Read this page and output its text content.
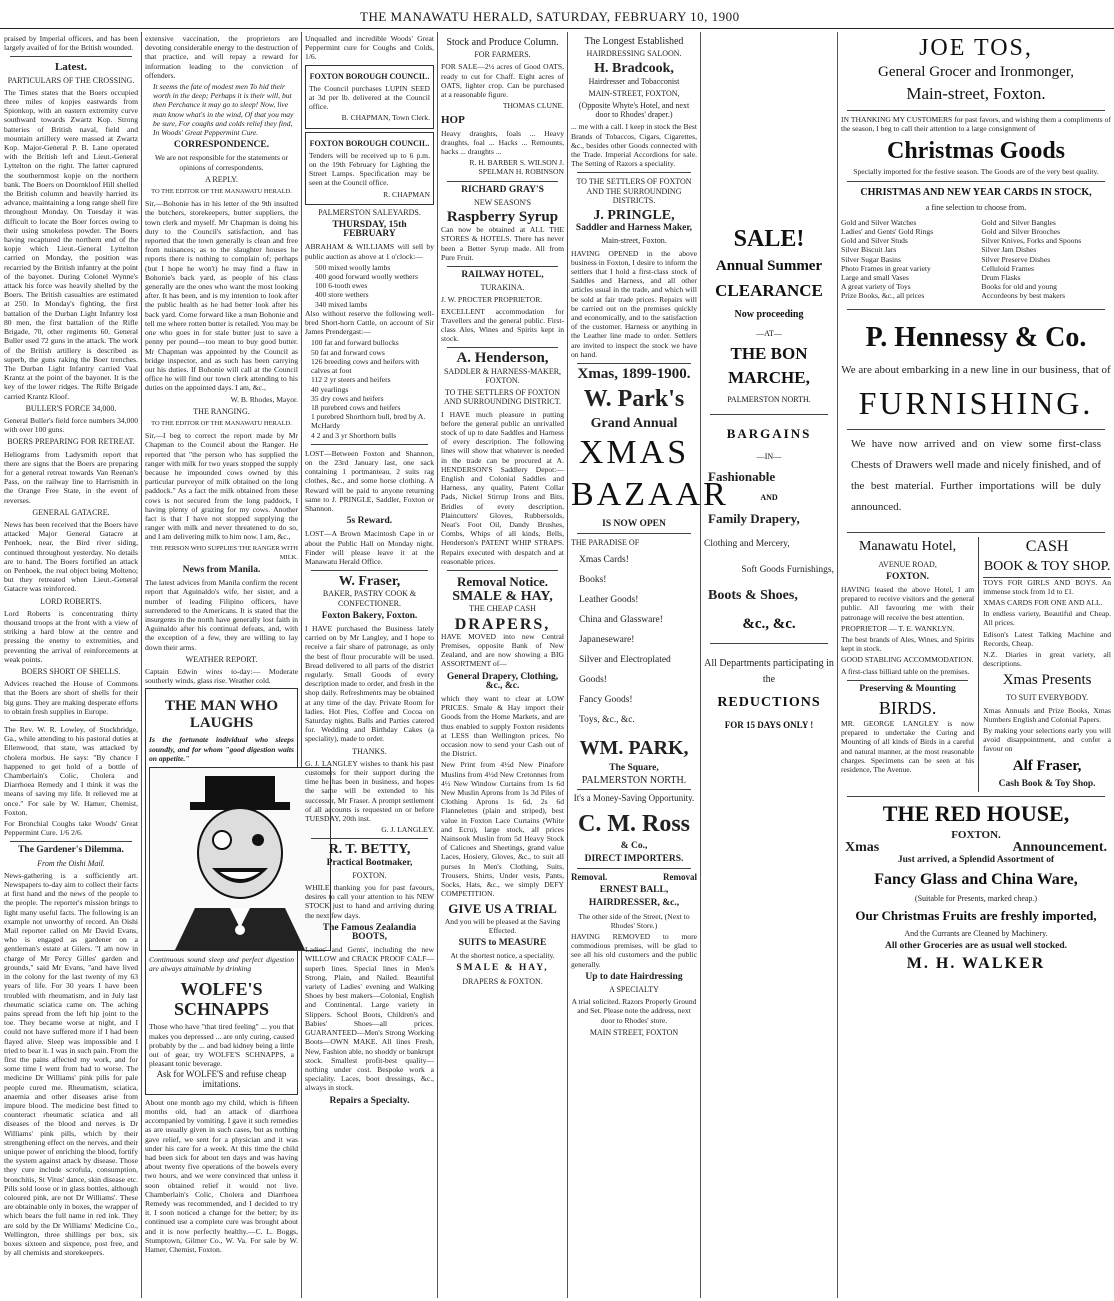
THE MANAWATU HERALD, SATURDAY, FEBRUARY 10, 1900

praised by Imperial officers, and has been largely availed of for the British wounded.

Latest.
PARTICULARS OF THE CROSSING.

The Times states that the Boers occupied three miles of kopjes eastwards from Spionkop, with an eastern extremity curve southward towards Zwartz Kop. Strong batteries of British naval, field and mountain artillery were massed at Zwartz Kop. Major-General P. B. Lane operated with the British left and Lieut.-General Lyttelton on the right. The latter captured the southernmost kopje on the northern bank. The Boers on Doornkloof Hill shelled the British column and heavily harried its advance, maintaining a long range shell fire throughout Monday. On Tuesday it was difficult to locate the Boer forces owing to their using smokeless powder. The Boers having recaptured the northern end of the kopje which Lieut.-General Lyttelton carried on Monday, the position was recarried by the British infantry at the point of the bayonet. During Colonel Wynne's attack his force was heavily shelled by the Boers. The British casualties are estimated at 250. In Monday's fighting, the first battalion of the Durban Light Infantry lost 80 men, the first battalion of the Rifle Brigade, 70, other regiments 60. General Buller used 72 guns in the attack. The work of the British artillery is described as superb, the guns raking the Boer trenches. The Durban Light Infantry carried Vaal Krantz at the point of the bayonet. It is the key of the lower ridges. The Rifle Brigade carried Krantz Kloof.

BULLER'S FORCE 34,000.

General Buller's field force numbers 34,000 with over 100 guns.

BOERS PREPARING FOR RETREAT.

Heliograms from Ladysmith report that there are signs that the Boers are preparing for a general retreat towards Van Reenan's Pass, on the railway line to Harrismith in the Orange Free State, in the event of reverses.

GENERAL GATACRE.

News has been received that the Boers have attacked Major General Gatacre at Penhoek, near, the Bird river siding, continued throughout yesterday. No details are to hand. The Boers fortified an attack on Penhoek, the real object being Molteno; but they retreated when Lieut.-General Gatacre was reinforced.

LORD ROBERTS.

Lord Roberts is concentrating thirty thousand troops at the front with a view of striking a hard blow at the centre and pressing the enemy to extremities, and preventing the arrival of reinforcements at weak points.

BOERS SHORT OF SHELLS.

Advices reached the House of Commons that the Boers are short of shells for their big guns. They are making desperate efforts to obtain fresh supplies in Europe.

The Rev. W. R. Lowley, of Stockbridge, Ga., while attending to his pastoral duties at Ellenwood, that state, was attacked by cholera morbus. He says: "By chance I happened to get hold of a bottle of Chamberlain's Colic, Cholera and Diarrhoea Remedy and I think it was the means of saving my life. It relieved me at once." For sale by W. Hamer, Chemist, Foxton.

For Bronchial Coughs take Woods' Great Peppermint Cure. 1/6 2/6.

The Gardener's Dilemma.
From the Oishi Mail.

News-gathering is a sufficiently art. Newspapers to-day aim to collect their facts at first hand and the news of the people to the people. The reporter's mission brings to light many useful facts. The following is an example not unworthy of record. An Oishi Mail reporter called on Mr David Evans, who is engaged as gardener on a gentleman's estate at Gilers. "I am now in charge of Mr Percy Gilles' garden and grounds," said Mr Evans, "and have lived in the colony for the last twenty of my 63 years of life. For 30 years I have been troubled with rheumatism, and in July last rheumatic sciatica came on. The aching pains spread from the left hip joint to the toe. They became worse at night, and I could not have suffered more if I had been flayed alive. Sleep was impossible and I tried to bear it. I was in such pain. From the first the pains affected my work, and for some time I went from bad to worse. The medicine Dr Williams' pink pills for pale people cured me. Rheumatism, sciatica, anaemia and other diseases arise from impure blood. The medicine best fitted to counteract rheumatic sciatica and all diseases of the blood and nerves is Dr Williams' pink pills, which by their strengthening effect on the nerves, and their unique power of enriching the blood, fortify the system against attack by disease. Those they cure include scrofula, consumption, bronchitis, St Vitus' dance, skin disease etc. Pills sold loose or in glass bottles, although coloured pink, are not Dr Williams'. These are obtainable only in boxes, the wrapper of which bears the full name in red ink. They are sold by the Dr Williams' Medicine Co., Wellington, three shillings per box, six boxes sixteen and sixpence, post free, and by all chemists and storekeepers.

extensive vaccination, the proprietors are devoting considerable energy to the destruction of that practice, and will repay a reward for information leading to the conviction of offenders.

It seems the fate of modest men To hid their worth in the deep; Perhaps it is their will, but then Perchance it may go to sleep! Now, live man know what's in the wind, Of that you may be sure, For coughs and colds relief they find, In Woods' Great Peppermint Cure.

CORRESPONDENCE.

We are not responsible for the statements or opinions of correspondents.

A REPLY.
TO THE EDITOR OF THE MANAWATU HERALD.

Sir,—Bohonie has in his letter of the 9th insulted the butchers, storekeepers, butter suppliers, the town clerk and myself. Mr Chapman is doing his duty to the Council's satisfaction, and has reported that the town generally is clean and free from nuisances; as to the slaughter houses he reports there is nothing to complain of; perhaps (but I hope he won't) he may find a flaw in Bohonie's back yard, as people of his class generally are the ones who want the most looking after. It has been, and is my intention to look after the public health as he had better look after his back yard. Come forward like a man Bohonie and tell me where rotten butter is retailed. You may be one who goes in for stale butter just to save a penny per pound—too mean to buy good butter. Mr Chapman was appointed by the Council as bridge inspector, and as such has been carrying out his duties. If Bohonie will call at the Council office he will find our town clerk attending to his duties on the appointed days. I am, &c.,

W. B. Rhodes, Mayor.

THE RANGING.
TO THE EDITOR OF THE MANAWATU HERALD.

Sir,—I beg to correct the report made by Mr Chapman to the Council about the Ranger. He reported that "the person who has supplied the ranger with milk for two years stopped the supply because he impounded cows owned by this particular purveyor of milk obtained on the long paddock." As a fact the milk obtained from these cows is not secured from the long paddock, I having plenty of grazing for my cows. Another fact is that I have not stopped supplying the ranger with milk and never threatened to do so, and I am delivering milk to him now. I am, &c.,

THE PERSON WHO SUPPLIES THE RANGER WITH MILK.

News from Manila.

The latest advices from Manila confirm the recent report that Aguinaldo's wife, her sister, and a number of leading Filipino officers, have surrendered to the Americans. It is stated that the insurgents in the north have generally lost faith in Aguinaldo after his continual defeats, and, with the exception of a few, they are willing to lay down their arms.

WEATHER REPORT.

Captain Edwin wires to-day:— Moderate southerly winds, glass rise. Weather cold.

THE MAN WHO LAUGHS

Is the fortunate individual who sleeps soundly, and for whom "good digestion waits on appetite."

Continuous sound sleep and perfect digestion are always attainable by drinking

WOLFE'S SCHNAPPS

Those who have "that tired feeling" ... you that makes you depressed ... are only curing, caused probably by the ... and bad kidney being a little out of gear, try WOLFE'S SCHNAPPS, a pleasant tonic beverage.

Ask for WOLFE'S and refuse cheap imitations.

About one month ago my child, which is fifteen months old, had an attack of diarrhoea accompanied by vomiting. I gave it such remedies as are usually given in such cases, but as nothing gave relief, we sent for a physician and it was under his care for a week. At this time the child had been sick for about ten days and was having about twenty five operations of the bowels every two hours, and we were convinced that unless it soon obtained relief it would not live. Chamberlain's Colic, Cholera and Diarrhoea Remedy was recommended, and I decided to try it. I soon noticed a change for the better; by its continued use a complete cure was brought about and it is now perfectly healthy.—C. L. Boggs, Stumptown, Gilmer Co., W. Va. For sale by W. Hamer, Chemist, Foxton.

Unqualled and incredible Woods' Great Peppermint cure for Coughs and Colds, 1/6.

FOXTON BOROUGH COUNCIL.

The Council purchases LUPIN SEED at 3d per lb. delivered at the Council office.

B. CHAPMAN, Town Clerk.

FOXTON BOROUGH COUNCIL.

Tenders will be received up to 6 p.m. on the 19th February for Lighting the Street Lamps. Specification may be seen at the Council office.

R. CHAPMAN

PALMERSTON SALEYARDS.
THURSDAY, 15th FEBRUARY

ABRAHAM & WILLIAMS will sell by public auction as above at 1 o'clock:—

500 mixed woolly lambs
400 good forward woolly wethers
100 6-tooth ewes
400 store wethers
340 mixed lambs

Also without reserve the following well-bred Short-horn Cattle, on account of Sir James Prendergast:—

100 fat and forward bullocks
50 fat and forward cows
126 breeding cows and heifers with calves at foot
112 2 yr steers and heifers
40 yearlings
35 dry cows and heifers
18 purebred cows and heifers
1 purebred Shorthorn bull, bred by A. McHardy
4 2 and 3 yr Shorthorn bulls

LOST—Between Foxton and Shannon, on the 23rd January last, one sack containing 1 portmanteau, 2 suits rag clothes, &c., and some horse clothing. A Reward will be paid to anyone returning same to J. PRINGLE, Saddler, Foxton or Shannon.

5s Reward.

LOST—A Brown Macintosh Cape in or about the Public Hall on Monday night. Finder will please leave it at the Manawatu Herald Office.

W. Fraser,
BAKER, PASTRY COOK & CONFECTIONER.
Foxton Bakery, Foxton.

I HAVE purchased the Business lately carried on by Mr Langley, and I hope to receive a fair share of patronage, as only the best of flour procurable will be used. Bread delivered to all parts of the district regularly. Small Goods of every description made to order, and fresh in the shop daily. Refreshments may be obtained at any time of the day. Private Room for ladies. Hot Pies, Coffee and Cocoa on Saturday nights. Balls and Parties catered for. Wedding and Birthday Cakes (a speciality), made to order.

THANKS.

G. J. LANGLEY wishes to thank his past customers for their support during the time he has been in business, and hopes the same will be extended to his successor, Mr Fraser. A prompt settlement of all accounts is requested on or before TUESDAY, 20th inst.

G. J. LANGLEY.

R. T. BETTY,
Practical Bootmaker,
FOXTON.

WHILE thanking you for past favours, desires to call your attention to his NEW STOCK just to hand and arriving during the next few days.

The Famous Zealandia BOOTS,

Ladies' and Gents', including the new WILLOW and CRACK PROOF CALF—superb lines. Special lines in Men's Strong, Plain, and Nailed. Beautiful variety of Ladies' evening and Walking Shoes by best makers—Colonial, English and Continental. Large variety in Slippers. School Boots, Children's and Babies' Shoes—all prices. GUARANTEED—Men's Strong Working Boots—OWN MAKE. All lines Fresh, New, Fashion able, no shoddy or bankrupt stock. Smallest profit-best quality—nothing under cost. Bespoke work a speciality. Laces, boot dressings, &c., always in stock.

Repairs a Specialty.
Stock and Produce Column.
FOR FARMERS.

FOR SALE—2½ acres of Good OATS, ready to cut for Chaff. Eight acres of OATS, lighter crop. Can be purchased at a reasonable figure.

THOMAS CLUNE.

HOP

Heavy draughts, foals ... Heavy draughts, foal ... Hacks ... Remounts, hacks ... draughts ...

R. H. BARBER S. WILSON J. SPELMAN H. ROBINSON

RICHARD GRAY'S
NEW SEASON'S
Raspberry Syrup

Can now be obtained at ALL THE STORES & HOTELS. There has never been a Better Syrup made. All from Pure Fruit.

RAILWAY HOTEL,
TURAKINA.

J. W. PROCTER PROPRIETOR.

EXCELLENT accommodation for Travellers and the general public. First-class Ales, Wines and Spirits kept in stock.

A. Henderson,
SADDLER & HARNESS-MAKER, FOXTON.
TO THE SETTLERS OF FOXTON AND SURROUNDING DISTRICT.

I HAVE much pleasure in putting before the general public an unrivalled stock of up to date Saddles and Harness of every description. The following lines will show that whatever is needed in the trade can be procured at A. HENDERSON'S Saddlery Depot:—English and Colonial Saddles and Harness, any quality, Patent Collar Pads, Nickel Stirrup Irons and Bits, Bridles of every description, Plaincutters' Gloves, Rubbersolds, Neat's Foot Oil, Dandy Brushes, Combs, Whips of all kinds, Bells, Henderson's PATENT WHIP STRAPS. Repairs executed with despatch and at reasonable prices.

Removal Notice.
SMALE & HAY,
THE CHEAP CASH
DRAPERS,

HAVE MOVED into new Central Premises, opposite Bank of New Zealand, and are now showing a BIG ASSORTMENT of—

General Drapery, Clothing, &c., &c.

which they want to clear at LOW PRICES. Smale & Hay import their Goods from the Home Markets, and are thus enabled to supply Foxton residents at LESS than Wellington prices. No occasion now to send your Cash out of the District.

New Print from 4½d New Pinafore Muslins from 4½d New Cretonnes from 4½ New Window Curtains from 1s 6d New Muslin Aprons from 1s 3d Piles of Clothing Aprons 1s 6d, 2s 6d Flannelettes (plain and striped), best value in Foxton Lace Curtains (White and Ecru), large stock, all prices Nainsook Muslin from 5d Heavy Stock of Calicoes and Sheetings, grand value Laces, Hosiery, Gloves, &c., to suit all purses In Men's Clothing, Suits, Trousers, Shirts, Under vests, Pants, Socks, Hats, &c., we simply DEFY COMPETITION.

GIVE US A TRIAL

And you will be pleased at the Saving Effected.

SUITS to MEASURE

At the shortest notice, a speciality.

SMALE & HAY,
DRAPERS & FOXTON.
The Longest Established
HAIRDRESSING SALOON.
H. Bradcook,
Hairdresser and Tobacconist
MAIN-STREET, FOXTON,
(Opposite Whyte's Hotel, and next door to Rhodes' draper.)

... me with a call. I keep in stock the Best Brands of Tobaccos, Cigars, Cigarettes, &c., besides other Goods connected with the Trade. Imperial Accordions for sale. The Setting of Razors a speciality.

TO THE SETTLERS OF FOXTON AND THE SURROUNDING DISTRICTS.
J. PRINGLE,
Saddler and Harness Maker,
Main-street, Foxton.

HAVING OPENED in the above business in Foxton, I desire to inform the settlers that I hold a first-class stock of Saddles and Harness, and all other articles usual in the trade, and which will be sold at fair trade prices. Repairs will be carried out on the premises quickly and economically, and to the satisfaction of the customer. Harness or anything in the Leather line made to order. Settlers are invited to inspect the stock we have on hand.

Xmas, 1899-1900.
W. Park's
Grand Annual
XMAS BAZAAR
IS NOW OPEN
THE PARADISE OF
Xmas Cards!
Books!
Leather Goods!
China and Glassware!
Japaneseware!
Silver and Electroplated Goods!
Fancy Goods!
Toys, &c., &c.
WM. PARK,
The Square,
PALMERSTON NORTH.

It's a Money-Saving Opportunity.

C. M. Ross
& Co.,
DIRECT IMPORTERS.
Removal.	Removal
ERNEST BALL,
HAIRDRESSER, &c.,

The other side of the Street, (Next to Rhodes' Store.)

HAVING REMOVED to more commodious premises, will be glad to see all his old customers and the public generally.

Up to date Hairdressing
A SPECIALTY

A trial solicited. Razors Properly Ground and Set. Please note the address, next door to Rhodes' store.

MAIN STREET, FOXTON
SALE!
Annual Summer
CLEARANCE
Now proceeding
—AT—
THE BON MARCHE,
PALMERSTON NORTH.
BARGAINS
—IN—
Fashionable
AND
Family Drapery,
Clothing and Mercery,
Soft Goods Furnishings,
Boots & Shoes,
&c., &c.

All Departments participating in the

REDUCTIONS
FOR 15 DAYS ONLY !
JOE TOS,
General Grocer and Ironmonger,
Main-street, Foxton.

IN THANKING MY CUSTOMERS for past favors, and wishing them a compliments of the season, I beg to call their attention to a large consignment of

Christmas Goods

Specially imported for the festive season. The Goods are of the very best quality.

CHRISTMAS AND NEW YEAR CARDS IN STOCK,
a fine selection to choose from.
Gold and Silver Watches
Ladies' and Gents' Gold Rings
Gold and Silver Studs
Silver Biscuit Jars
Silver Sugar Basins
Photo Frames in great variety
Large and small Vases
A great variety of Toys
Prize Books, &c., all prices
Gold and Silver Bangles
Gold and Silver Brooches
Silver Knives, Forks and Spoons
Silver Jam Dishes
Silver Preserve Dishes
Celluloid Frames
Drum Flasks
Books for old and young
Accordeons by best makers
P. Hennessy & Co.

We are about embarking in a new line in our business, that of

FURNISHING.

We have now arrived and on view some first-class Chests of Drawers well made and nicely finished, and of the best material. Further importations will be duly announced.

Manawatu Hotel,
AVENUE ROAD,
FOXTON.

HAVING leased the above Hotel, I am prepared to receive visitors and the general public. All favouring me with their patronage will receive the best attention.

PROPRIETOR — T. E. WANKLYN.

The best brands of Ales, Wines, and Spirits kept in stock.

GOOD STABLING ACCOMMODATION.

A first-class billiard table on the premises.

Preserving & Mounting
BIRDS.

MR. GEORGE LANGLEY is now prepared to undertake the Curing and Mounting of all kinds of Birds in a careful and natural manner, at the most reasonable charges. Specimens can be seen at his residence, The Avenue.

CASH
BOOK & TOY SHOP.

TOYS FOR GIRLS AND BOYS. An immense stock from 1d to £1.

XMAS CARDS FOR ONE AND ALL.

In endless variety, Beautiful and Cheap. All prices.

Edison's Latest Talking Machine and Records, Cheap.

N.Z. Diaries in great variety, all descriptions.

Xmas Presents
TO SUIT EVERYBODY.

Xmas Annuals and Prize Books, Xmas Numbers English and Colonial Papers.

By making your selections early you will avoid disappointment, and confer a favour on

Alf Fraser,
Cash Book & Toy Shop.
THE RED HOUSE,
FOXTON.
Xmas	Announcement.
Just arrived, a Splendid Assortment of
Fancy Glass and China Ware,
(Suitable for Presents, marked cheap.)
Our Christmas Fruits are freshly imported,
And the Currants are Cleaned by Machinery.
All other Groceries are as usual well stocked.
M. H. WALKER
